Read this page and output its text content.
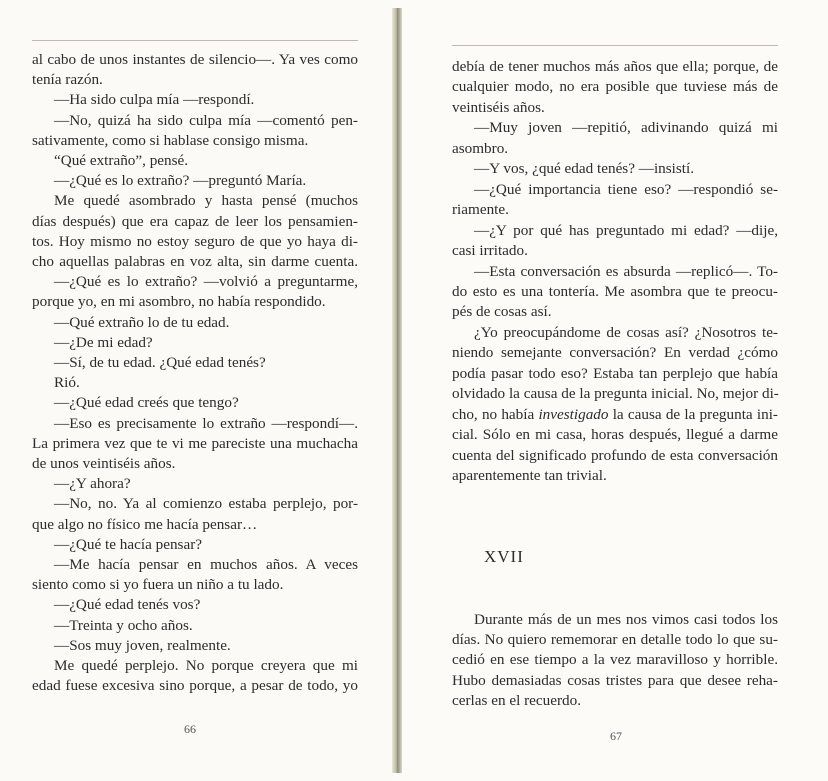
al cabo de unos instantes de silencio—. Ya ves como
tenía razón.
—Ha sido culpa mía —respondí.
—No, quizá ha sido culpa mía —comentó pen-
sativamente, como si hablase consigo misma.
“Qué extraño”, pensé.
—¿Qué es lo extraño? —preguntó María.
Me quedé asombrado y hasta pensé (muchos
días después) que era capaz de leer los pensamien-
tos. Hoy mismo no estoy seguro de que yo haya di-
cho aquellas palabras en voz alta, sin darme cuenta.
—¿Qué es lo extraño? —volvió a preguntarme,
porque yo, en mi asombro, no había respondido.
—Qué extraño lo de tu edad.
—¿De mi edad?
—Sí, de tu edad. ¿Qué edad tenés?
Rió.
—¿Qué edad creés que tengo?
—Eso es precisamente lo extraño —respondí—.
La primera vez que te vi me pareciste una muchacha
de unos veintiséis años.
—¿Y ahora?
—No, no. Ya al comienzo estaba perplejo, por-
que algo no físico me hacía pensar…
—¿Qué te hacía pensar?
—Me hacía pensar en muchos años. A veces
siento como si yo fuera un niño a tu lado.
—¿Qué edad tenés vos?
—Treinta y ocho años.
—Sos muy joven, realmente.
Me quedé perplejo. No porque creyera que mi
edad fuese excesiva sino porque, a pesar de todo, yo
66
debía de tener muchos más años que ella; porque, de
cualquier modo, no era posible que tuviese más de
veintiséis años.
—Muy joven —repitió, adivinando quizá mi
asombro.
—Y vos, ¿qué edad tenés? —insistí.
—¿Qué importancia tiene eso? —respondió se-
riamente.
—¿Y por qué has preguntado mi edad? —dije,
casi irritado.
—Esta conversación es absurda —replicó—. To-
do esto es una tontería. Me asombra que te preocu-
pés de cosas así.
¿Yo preocupándome de cosas así? ¿Nosotros te-
niendo semejante conversación? En verdad ¿cómo
podía pasar todo eso? Estaba tan perplejo que había
olvidado la causa de la pregunta inicial. No, mejor di-
cho, no había investigado la causa de la pregunta ini-
cial. Sólo en mi casa, horas después, llegué a darme
cuenta del significado profundo de esta conversación
aparentemente tan trivial.
XVII
Durante más de un mes nos vimos casi todos los
días. No quiero rememorar en detalle todo lo que su-
cedió en ese tiempo a la vez maravilloso y horrible.
Hubo demasiadas cosas tristes para que desee reha-
cerlas en el recuerdo.
67
